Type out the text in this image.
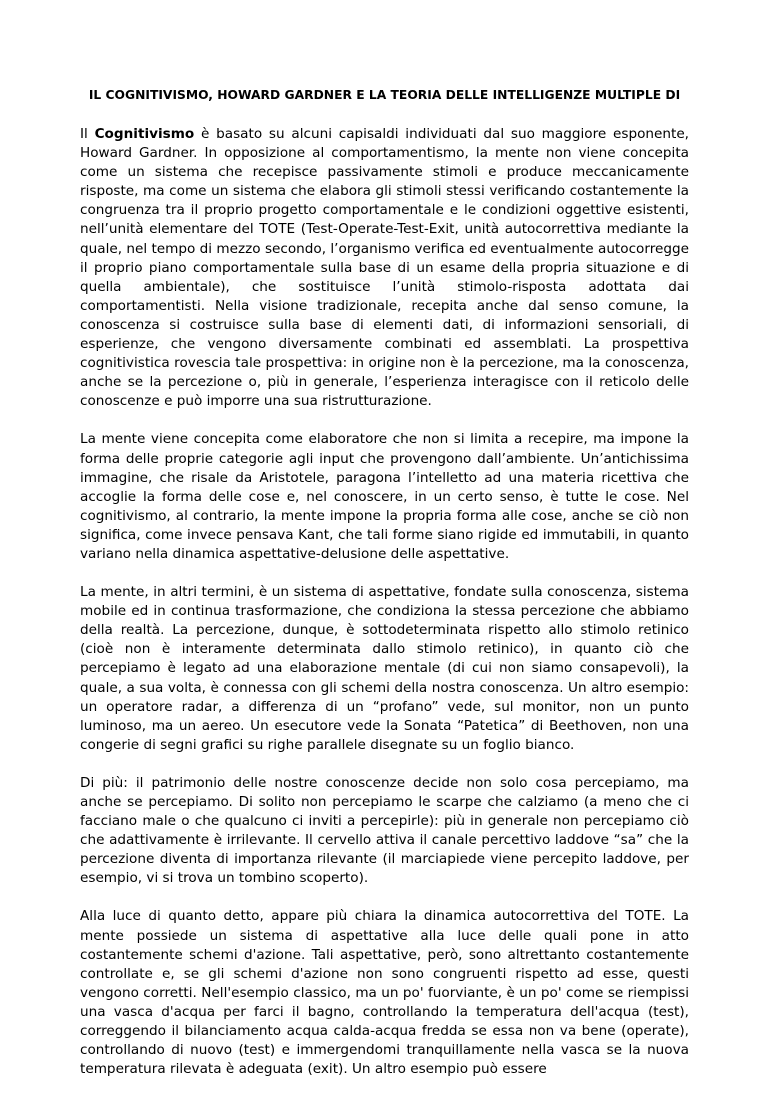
IL COGNITIVISMO, HOWARD GARDNER E LA TEORIA DELLE INTELLIGENZE MULTIPLE DI

Il Cognitivismo è basato su alcuni capisaldi individuati dal suo maggiore esponente, Howard Gardner. In opposizione al comportamentismo, la mente non viene concepita come un sistema che recepisce passivamente stimoli e produce meccanicamente risposte, ma come un sistema che elabora gli stimoli stessi verificando costantemente la congruenza tra il proprio progetto comportamentale e le condizioni oggettive esistenti, nell’unità elementare del TOTE (Test-Operate-Test-Exit, unità autocorrettiva mediante la quale, nel tempo di mezzo secondo, l’organismo verifica ed eventualmente autocorregge il proprio piano comportamentale sulla base di un esame della propria situazione e di quella ambientale), che sostituisce l’unità stimolo-risposta adottata dai comportamentisti. Nella visione tradizionale, recepita anche dal senso comune, la conoscenza si costruisce sulla base di elementi dati, di informazioni sensoriali, di esperienze, che vengono diversamente combinati ed assemblati. La prospettiva cognitivistica rovescia tale prospettiva: in origine non è la percezione, ma la conoscenza, anche se la percezione o, più in generale, l’esperienza interagisce con il reticolo delle conoscenze e può imporre una sua ristrutturazione.

La mente viene concepita come elaboratore che non si limita a recepire, ma impone la forma delle proprie categorie agli input che provengono dall’ambiente. Un’antichissima immagine, che risale da Aristotele, paragona l’intelletto ad una materia ricettiva che accoglie la forma delle cose e, nel conoscere, in un certo senso, è tutte le cose. Nel cognitivismo, al contrario, la mente impone la propria forma alle cose, anche se ciò non significa, come invece pensava Kant, che tali forme siano rigide ed immutabili, in quanto variano nella dinamica aspettative-delusione delle aspettative.

La mente, in altri termini, è un sistema di aspettative, fondate sulla conoscenza, sistema mobile ed in continua trasformazione, che condiziona la stessa percezione che abbiamo della realtà. La percezione, dunque, è sottodeterminata rispetto allo stimolo retinico (cioè non è interamente determinata dallo stimolo retinico), in quanto ciò che percepiamo è legato ad una elaborazione mentale (di cui non siamo consapevoli), la quale, a sua volta, è connessa con gli schemi della nostra conoscenza. Un altro esempio: un operatore radar, a differenza di un “profano” vede, sul monitor, non un punto luminoso, ma un aereo. Un esecutore vede la Sonata “Patetica” di Beethoven, non una congerie di segni grafici su righe parallele disegnate su un foglio bianco.

Di più: il patrimonio delle nostre conoscenze decide non solo cosa percepiamo, ma anche se percepiamo. Di solito non percepiamo le scarpe che calziamo (a meno che ci facciano male o che qualcuno ci inviti a percepirle): più in generale non percepiamo ciò che adattivamente è irrilevante. Il cervello attiva il canale percettivo laddove “sa” che la percezione diventa di importanza rilevante (il marciapiede viene percepito laddove, per esempio, vi si trova un tombino scoperto).

Alla luce di quanto detto, appare più chiara la dinamica autocorrettiva del TOTE. La mente possiede un sistema di aspettative alla luce delle quali pone in atto costantemente schemi d'azione. Tali aspettative, però, sono altrettanto costantemente controllate e, se gli schemi d'azione non sono congruenti rispetto ad esse, questi vengono corretti. Nell'esempio classico, ma un po' fuorviante, è un po' come se riempissi una vasca d'acqua per farci il bagno, controllando la temperatura dell'acqua (test), correggendo il bilanciamento acqua calda-acqua fredda se essa non va bene (operate), controllando di nuovo (test) e immergendomi tranquillamente nella vasca se la nuova temperatura rilevata è adeguata (exit). Un altro esempio può essere
